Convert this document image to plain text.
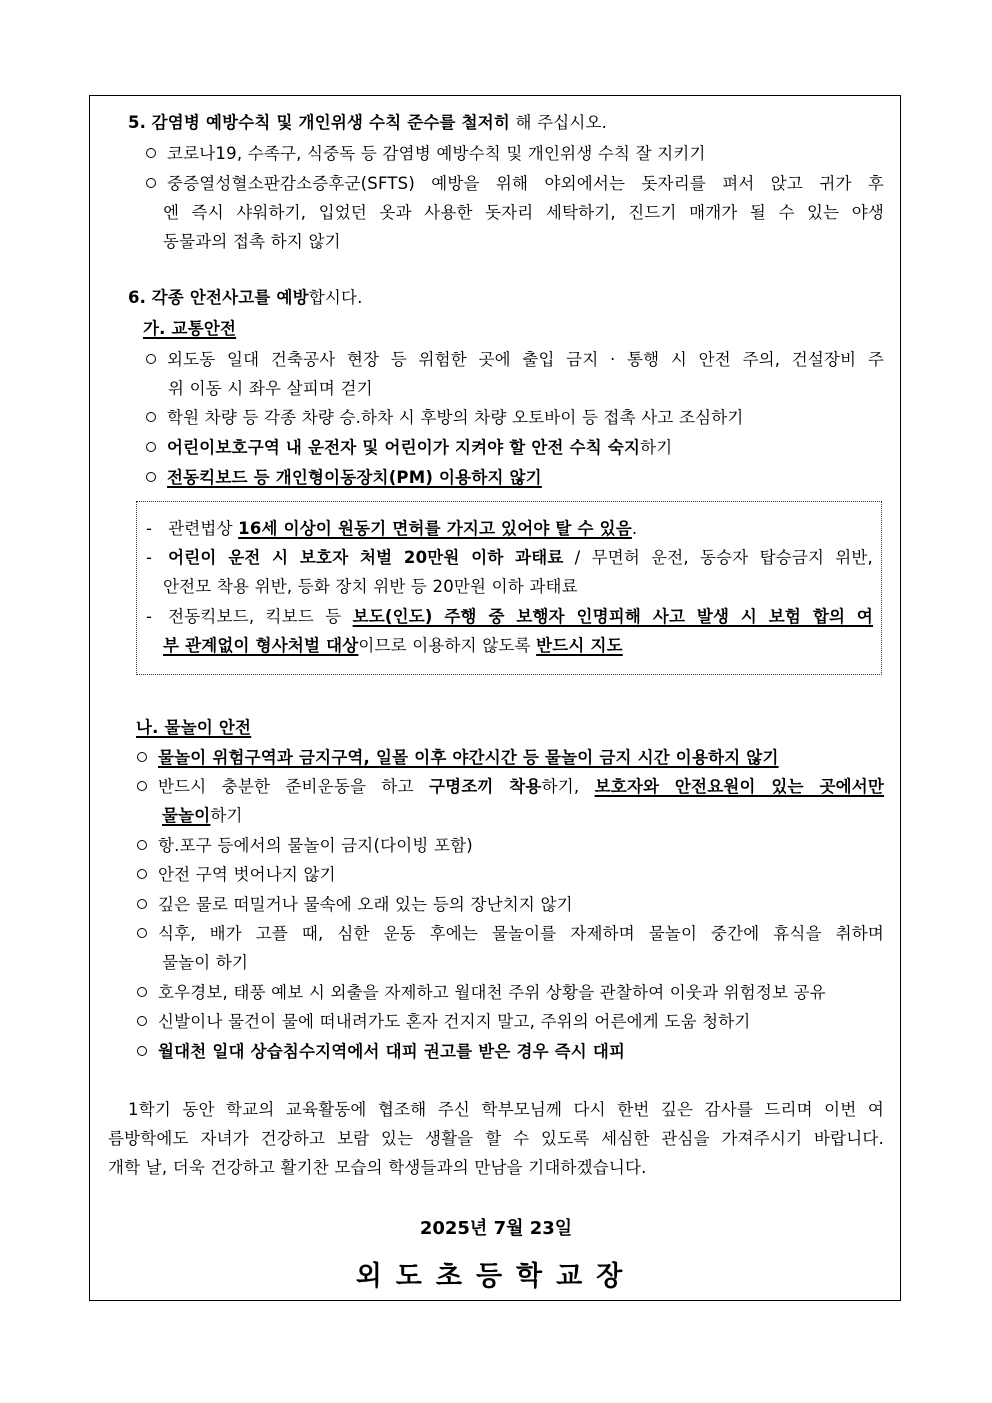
5. 감염병 예방수칙 및 개인위생 수칙 준수를 철저히 해 주십시오.
코로나19, 수족구, 식중독 등 감염병 예방수칙 및 개인위생 수칙 잘 지키기
중증열성혈소판감소증후군(SFTS) 예방을 위해 야외에서는 돗자리를 펴서 앉고 귀가 후
엔 즉시 샤워하기, 입었던 옷과 사용한 돗자리 세탁하기, 진드기 매개가 될 수 있는 야생
동물과의 접촉 하지 않기
6. 각종 안전사고를 예방합시다.
가. 교통안전
외도동 일대 건축공사 현장 등 위험한 곳에 출입 금지 · 통행 시 안전 주의, 건설장비 주
위 이동 시 좌우 살피며 걷기
학원 차량 등 각종 차량 승.하차 시 후방의 차량 오토바이 등 접촉 사고 조심하기
어린이보호구역 내 운전자 및 어린이가 지켜야 할 안전 수칙 숙지하기
전동킥보드 등 개인형이동장치(PM) 이용하지 않기
- 관련법상 16세 이상이 원동기 면허를 가지고 있어야 탈 수 있음.
- 어린이 운전 시 보호자 처벌 20만원 이하 과태료 / 무면허 운전, 동승자 탑승금지 위반,
안전모 착용 위반, 등화 장치 위반 등 20만원 이하 과태료
- 전동킥보드, 킥보드 등 보도(인도) 주행 중 보행자 인명피해 사고 발생 시 보험 합의 여
부 관계없이 형사처벌 대상이므로 이용하지 않도록 반드시 지도
나. 물놀이 안전
물놀이 위험구역과 금지구역, 일몰 이후 야간시간 등 물놀이 금지 시간 이용하지 않기
반드시 충분한 준비운동을 하고 구명조끼 착용하기, 보호자와 안전요원이 있는 곳에서만
물놀이하기
항.포구 등에서의 물놀이 금지(다이빙 포함)
안전 구역 벗어나지 않기
깊은 물로 떠밀거나 물속에 오래 있는 등의 장난치지 않기
식후, 배가 고플 때, 심한 운동 후에는 물놀이를 자제하며 물놀이 중간에 휴식을 취하며
물놀이 하기
호우경보, 태풍 예보 시 외출을 자제하고 월대천 주위 상황을 관찰하여 이웃과 위험정보 공유
신발이나 물건이 물에 떠내려가도 혼자 건지지 말고, 주위의 어른에게 도움 청하기
월대천 일대 상습침수지역에서 대피 권고를 받은 경우 즉시 대피
1학기 동안 학교의 교육활동에 협조해 주신 학부모님께 다시 한번 깊은 감사를 드리며 이번 여
름방학에도 자녀가 건강하고 보람 있는 생활을 할 수 있도록 세심한 관심을 가져주시기 바랍니다.
개학 날, 더욱 건강하고 활기찬 모습의 학생들과의 만남을 기대하겠습니다.
2025년 7월 23일
외도초등학교장
